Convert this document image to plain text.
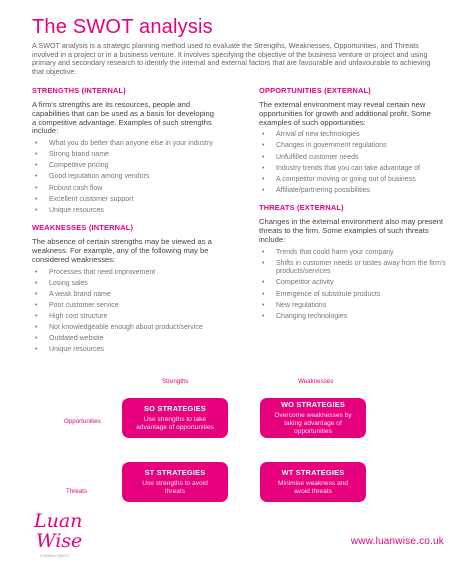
The SWOT analysis

A SWOT analysis is a strategic planning method used to evaluate the Strengths, Weaknesses, Opportunities, and Threats involved in a project or in a business venture. It involves specifying the objective of the business venture or project and using primary and secondary research to identify the internal and external factors that are favourable and unfavourable to achieving that objective.

STRENGTHS (INTERNAL)

A firm's strengths are its resources, people and capabilities that can be used as a basis for developing a competitive advantage. Examples of such strengths include:

• What you do better than anyone else in your industry
• Strong brand name
• Competitive pricing
• Good reputation among vendors
• Robust cash flow
• Excellent customer support
• Unique resources

WEAKNESSES (INTERNAL)

The absence of certain strengths may be viewed as a weakness. For example, any of the following may be considered weaknesses:

• Processes that need improvement
• Losing sales
• A weak brand name
• Poor customer service
• High cost structure
• Not knowledgeable enough about product/service
• Outdated website
• Unique resources

OPPORTUNITIES (EXTERNAL)

The external environment may reveal certain new opportunities for growth and additional profit. Some examples of such opportunities:

• Arrival of new technologies
• Changes in government regulations
• Unfulfilled customer needs
• Industry trends that you can take advantage of
• A competitor moving or going out of business
• Affiliate/partnering possibilities

THREATS (EXTERNAL)

Changes in the external environment also may present threats to the firm. Some examples of such threats include:

• Trends that could harm your company
• Shifts in customer needs or tastes away from the firm's products/services
• Competitor activity
• Emergence of substitute products
• New regulations
• Changing technologies
Strengths	Weaknesses
Opportunities
Threats
SO STRATEGIES
Use strengths to take advantage of opportunities
WO STRATEGIES
Overcome weaknesses by taking advantage of opportunities
ST STRATEGIES
Use strengths to avoid threats
WT STRATEGIES
Minimise weakness and avoid threats
Luan
Wise
CONSULTANCY
www.luanwise.co.uk
